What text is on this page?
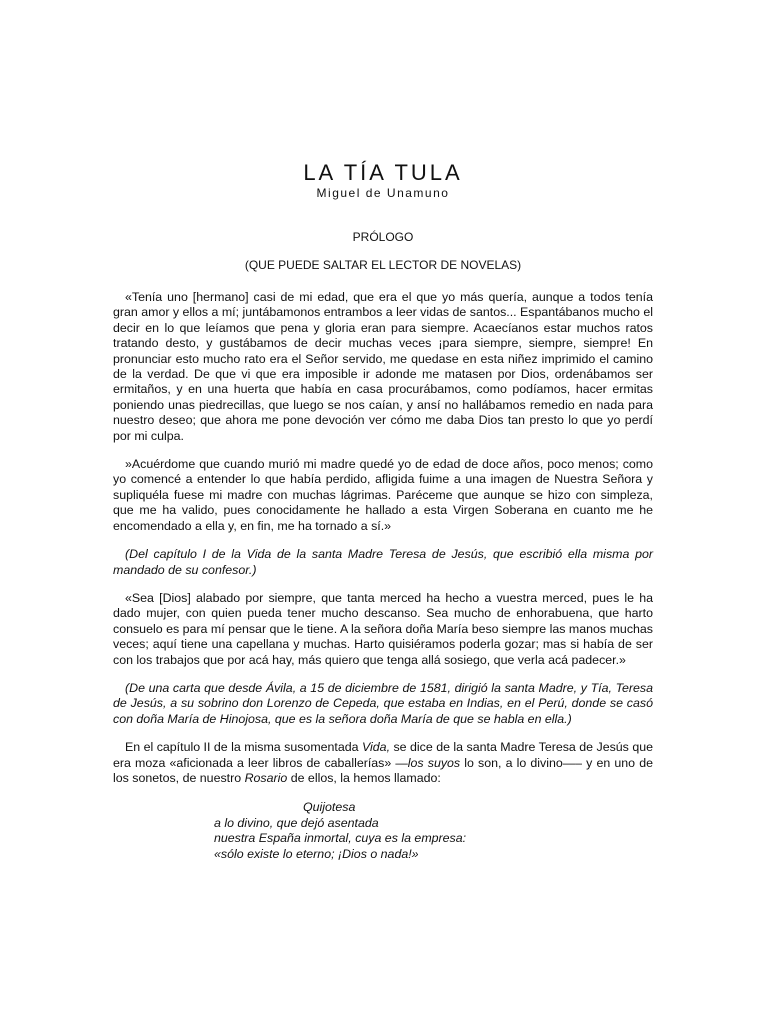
LA TÍA TULA
Miguel de Unamuno
PRÓLOGO
(QUE PUEDE SALTAR EL LECTOR DE NOVELAS)

«Tenía uno [hermano] casi de mi edad, que era el que yo más quería, aunque a todos tenía gran amor y ellos a mí; juntábamonos entrambos a leer vidas de santos... Espantábanos mucho el decir en lo que leíamos que pena y gloria eran para siempre. Acaecíanos estar muchos ratos tratando desto, y gustábamos de decir muchas veces ¡para siempre, siempre, siempre! En pronunciar esto mucho rato era el Señor servido, me quedase en esta niñez imprimido el camino de la verdad. De que vi que era imposible ir adonde me matasen por Dios, ordenábamos ser ermitaños, y en una huerta que había en casa procurábamos, como podíamos, hacer ermitas poniendo unas piedrecillas, que luego se nos caían, y ansí no hallábamos remedio en nada para nuestro deseo; que ahora me pone devoción ver cómo me daba Dios tan presto lo que yo perdí por mi culpa.

»Acuérdome que cuando murió mi madre quedé yo de edad de doce años, poco menos; como yo comencé a entender lo que había perdido, afligida fuime a una imagen de Nuestra Señora y supliquéla fuese mi madre con muchas lágrimas. Paréceme que aunque se hizo con simpleza, que me ha valido, pues conocidamente he hallado a esta Virgen Soberana en cuanto me he encomendado a ella y, en fin, me ha tornado a sí.»

(Del capítulo I de la Vida de la santa Madre Teresa de Jesús, que escribió ella misma por mandado de su confesor.)

«Sea [Dios] alabado por siempre, que tanta merced ha hecho a vuestra merced, pues le ha dado mujer, con quien pueda tener mucho descanso. Sea mucho de enhorabuena, que harto consuelo es para mí pensar que le tiene. A la señora doña María beso siempre las manos muchas veces; aquí tiene una capellana y muchas. Harto quisiéramos poderla gozar; mas si había de ser con los trabajos que por acá hay, más quiero que tenga allá sosiego, que verla acá padecer.»

(De una carta que desde Ávila, a 15 de diciembre de 1581, dirigió la santa Madre, y Tía, Teresa de Jesús, a su sobrino don Lorenzo de Cepeda, que estaba en Indias, en el Perú, donde se casó con doña María de Hinojosa, que es la señora doña María de que se habla en ella.)

En el capítulo II de la misma susomentada Vida, se dice de la santa Madre Teresa de Jesús que era moza «aficionada a leer libros de caballerías» —los suyos lo son, a lo divino—– y en uno de los sonetos, de nuestro Rosario de ellos, la hemos llamado:

Quijotesa
a lo divino, que dejó asentada
nuestra España inmortal, cuya es la empresa:
«sólo existe lo eterno; ¡Dios o nada!»
